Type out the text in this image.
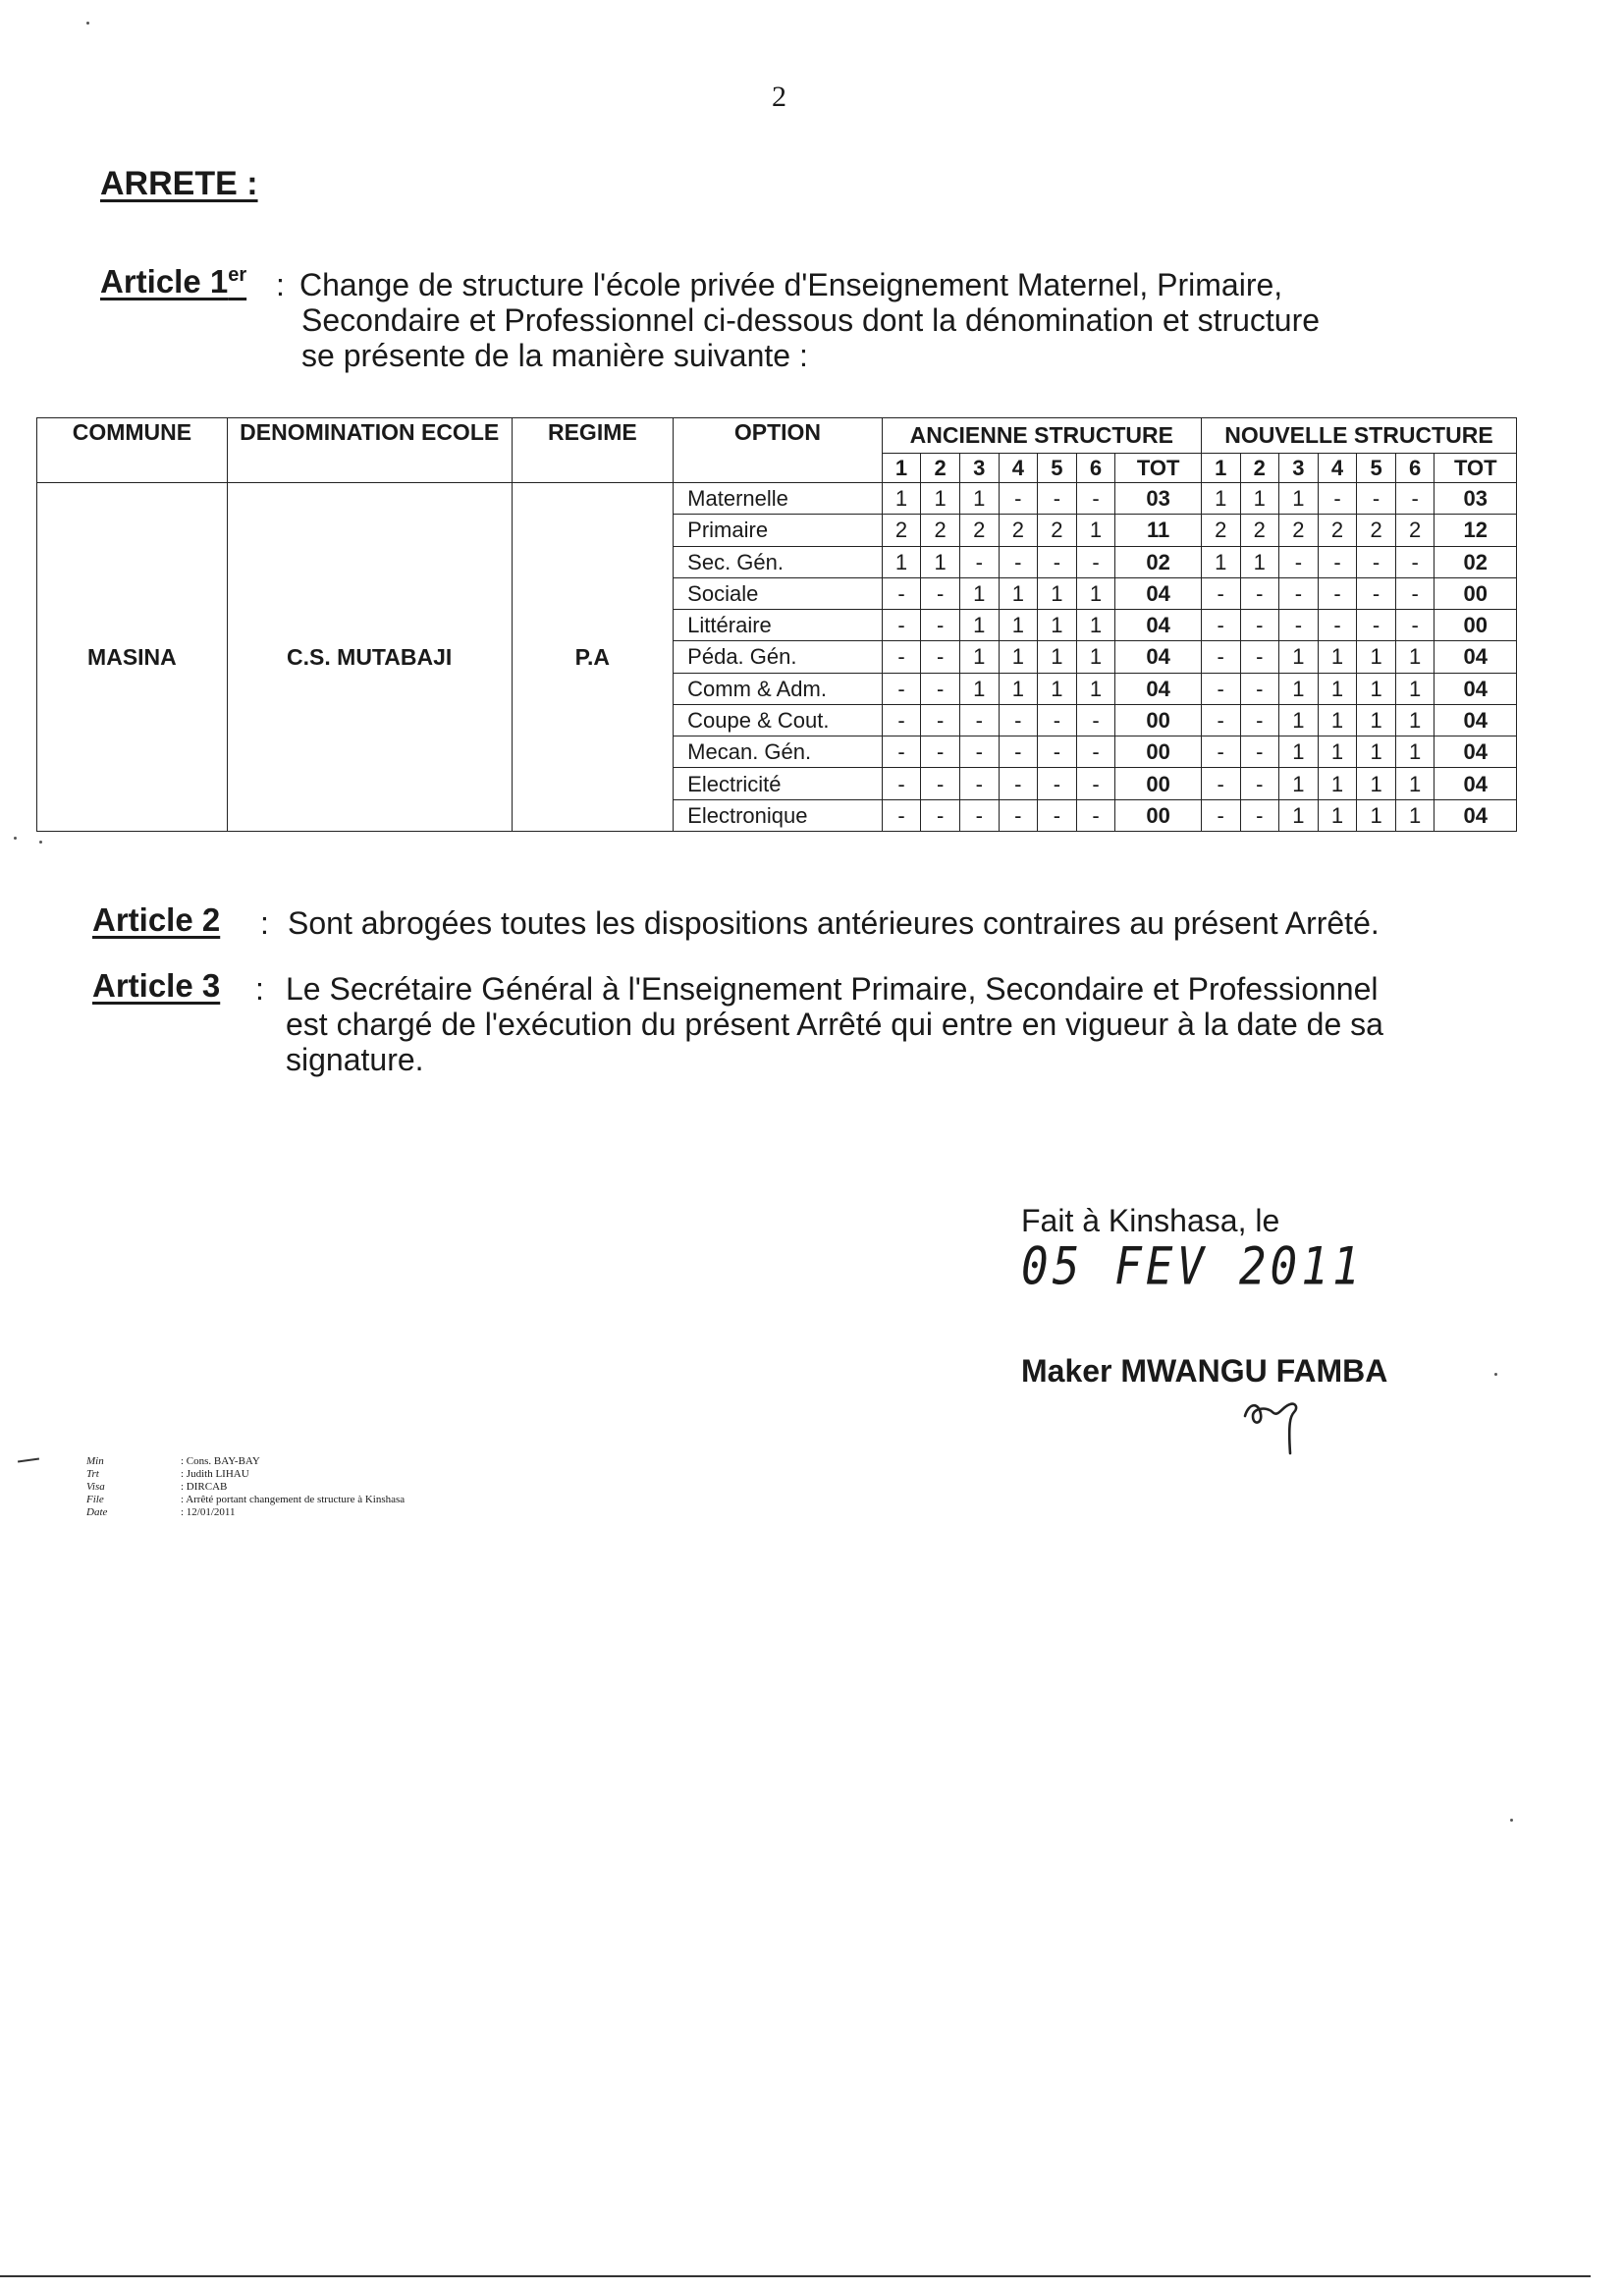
2
ARRETE :
Article 1er : Change de structure l'école privée d'Enseignement Maternel, Primaire,
Secondaire et Professionnel ci-dessous dont la dénomination et structure
se présente de la manière suivante :
COMMUNE	DENOMINATION ECOLE	REGIME	OPTION	ANCIENNE STRUCTURE							NOUVELLE STRUCTURE						
				1	2	3	4	5	6	TOT	1	2	3	4	5	6	TOT
MASINA	C.S. MUTABAJI	P.A	Maternelle	1	1	1	-	-	-	03	1	1	1	-	-	-	03
			Primaire	2	2	2	2	2	1	11	2	2	2	2	2	2	12
			Sec. Gén.	1	1	-	-	-	-	02	1	1	-	-	-	-	02
			Sociale	-	-	1	1	1	1	04	-	-	-	-	-	-	00
			Littéraire	-	-	1	1	1	1	04	-	-	-	-	-	-	00
			Péda. Gén.	-	-	1	1	1	1	04	-	-	1	1	1	1	04
			Comm & Adm.	-	-	1	1	1	1	04	-	-	1	1	1	1	04
			Coupe & Cout.	-	-	-	-	-	-	00	-	-	1	1	1	1	04
			Mecan. Gén.	-	-	-	-	-	-	00	-	-	1	1	1	1	04
			Electricité	-	-	-	-	-	-	00	-	-	1	1	1	1	04
			Electronique	-	-	-	-	-	-	00	-	-	1	1	1	1	04
Article 2 : Sont abrogées toutes les dispositions antérieures contraires au présent Arrêté.
Article 3 : Le Secrétaire Général à l'Enseignement Primaire, Secondaire et Professionnel
est chargé de l'exécution du présent Arrêté qui entre en vigueur à la date de sa
signature.
Fait à Kinshasa, le 05 FEV 2011
Maker MWANGU FAMBA
Min	: Cons. BAY-BAY
Trt	: Judith LIHAU
Visa	: DIRCAB
File	: Arrêté portant changement de structure à Kinshasa
Date	: 12/01/2011
